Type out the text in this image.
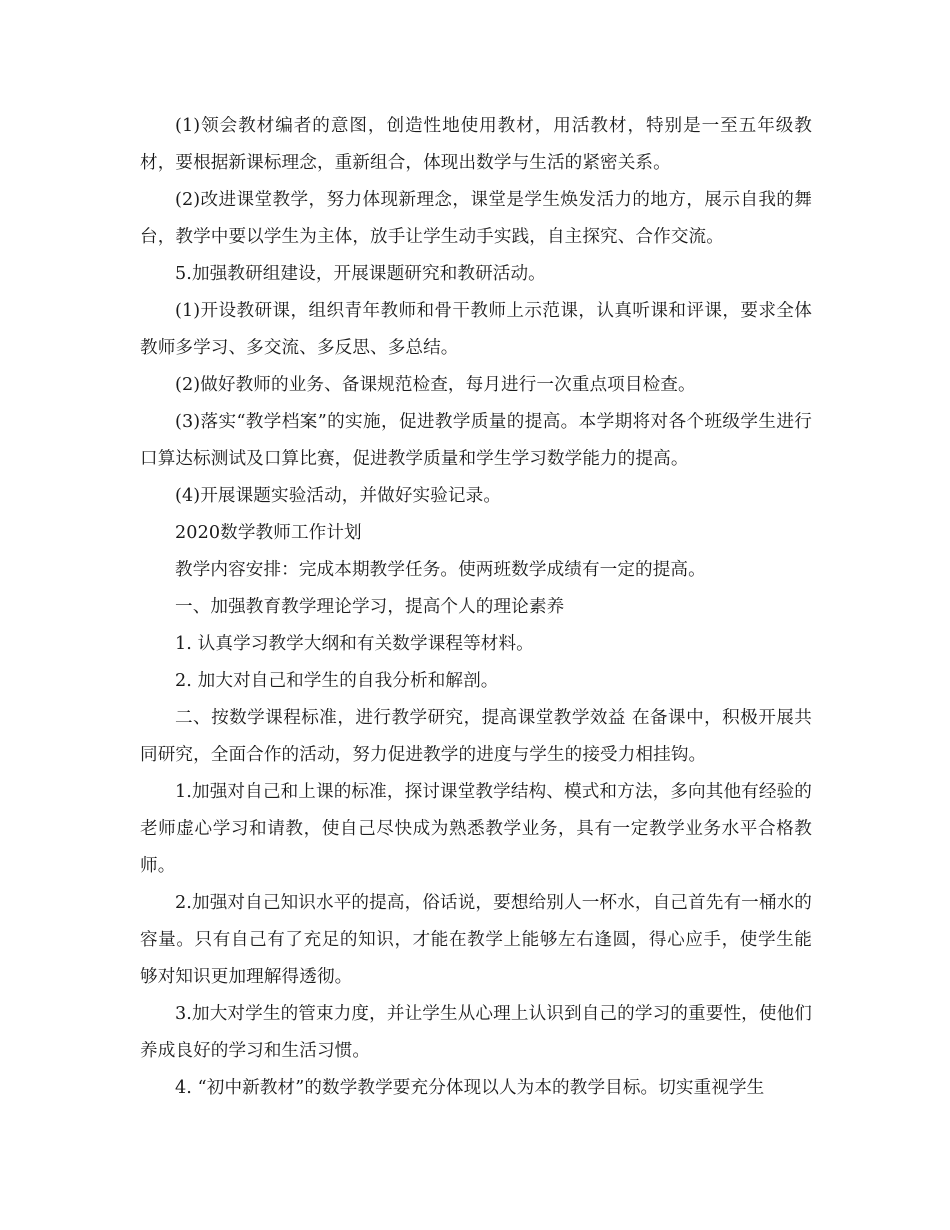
(1)领会教材编者的意图，创造性地使用教材，用活教材，特别是一至五年级教材，要根据新课标理念，重新组合，体现出数学与生活的紧密关系。

(2)改进课堂教学，努力体现新理念，课堂是学生焕发活力的地方，展示自我的舞台，教学中要以学生为主体，放手让学生动手实践，自主探究、合作交流。

5.加强教研组建设，开展课题研究和教研活动。

(1)开设教研课，组织青年教师和骨干教师上示范课，认真听课和评课，要求全体教师多学习、多交流、多反思、多总结。

(2)做好教师的业务、备课规范检查，每月进行一次重点项目检查。

(3)落实“教学档案”的实施，促进教学质量的提高。本学期将对各个班级学生进行口算达标测试及口算比赛，促进教学质量和学生学习数学能力的提高。

(4)开展课题实验活动，并做好实验记录。

2020数学教师工作计划

教学内容安排：完成本期教学任务。使两班数学成绩有一定的提高。

一、加强教育教学理论学习，提高个人的理论素养

1. 认真学习教学大纲和有关数学课程等材料。

2. 加大对自己和学生的自我分析和解剖。

二、按数学课程标准，进行教学研究，提高课堂教学效益 在备课中，积极开展共同研究，全面合作的活动，努力促进教学的进度与学生的接受力相挂钩。

1.加强对自己和上课的标准，探讨课堂教学结构、模式和方法，多向其他有经验的老师虚心学习和请教，使自己尽快成为熟悉教学业务，具有一定教学业务水平合格教师。

2.加强对自己知识水平的提高，俗话说，要想给别人一杯水，自己首先有一桶水的容量。只有自己有了充足的知识，才能在教学上能够左右逢圆，得心应手，使学生能够对知识更加理解得透彻。

3.加大对学生的管束力度，并让学生从心理上认识到自己的学习的重要性，使他们养成良好的学习和生活习惯。

4. “初中新教材”的数学教学要充分体现以人为本的教学目标。切实重视学生
